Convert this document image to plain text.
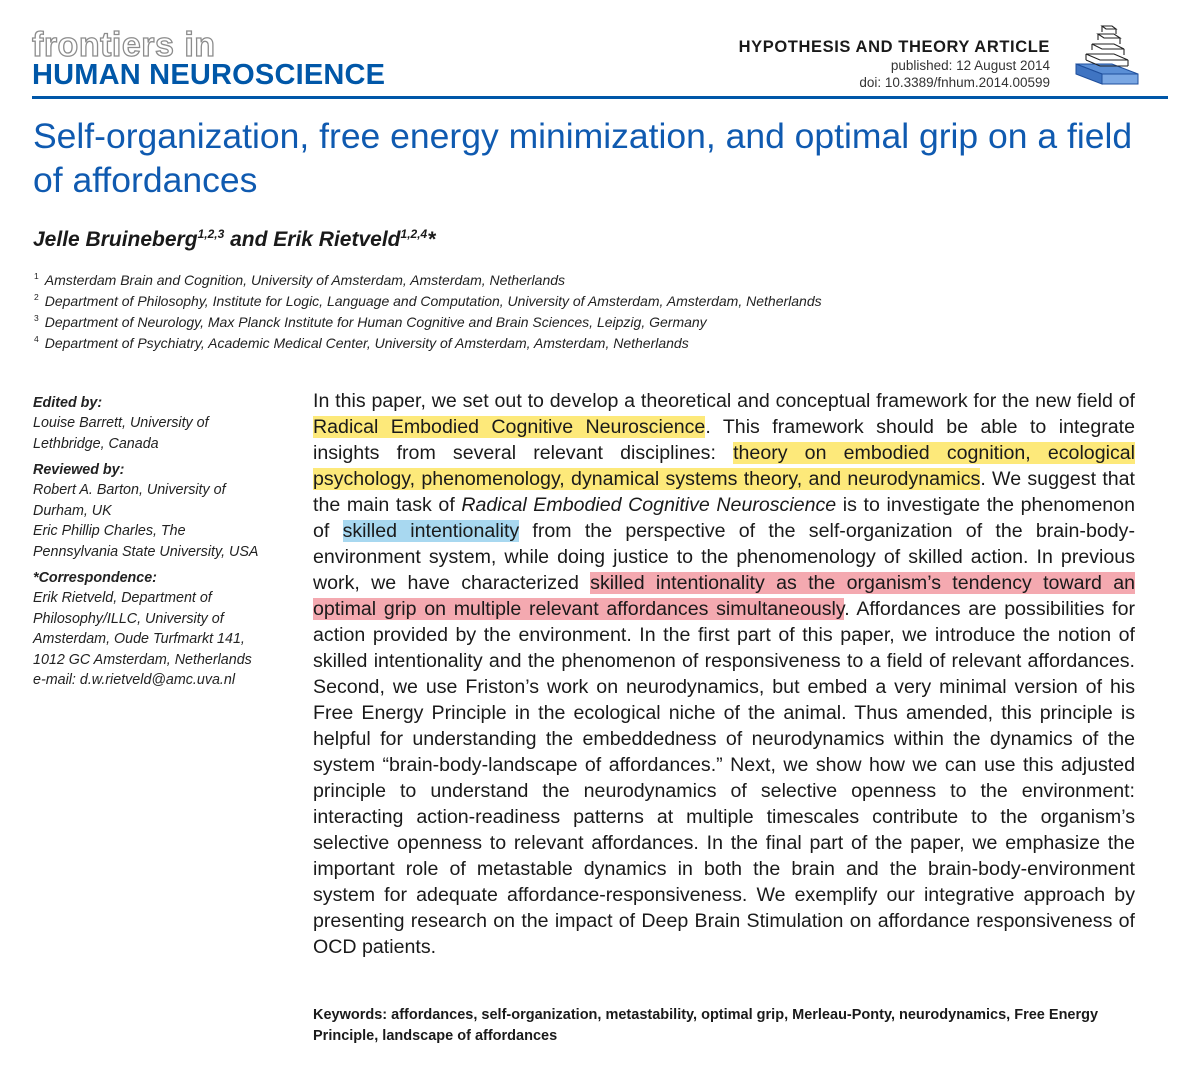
frontiers in
HUMAN NEUROSCIENCE
HYPOTHESIS AND THEORY ARTICLE
published: 12 August 2014
doi: 10.3389/fnhum.2014.00599
Self-organization, free energy minimization, and optimal grip on a field of affordances
Jelle Bruineberg$^{1,2,3}$ and Erik Rietveld$^{1,2,4}$*
$^1$ Amsterdam Brain and Cognition, University of Amsterdam, Amsterdam, Netherlands
$^2$ Department of Philosophy, Institute for Logic, Language and Computation, University of Amsterdam, Amsterdam, Netherlands
$^3$ Department of Neurology, Max Planck Institute for Human Cognitive and Brain Sciences, Leipzig, Germany
$^4$ Department of Psychiatry, Academic Medical Center, University of Amsterdam, Amsterdam, Netherlands
Edited by:
Louise Barrett, University of
Lethbridge, Canada
Reviewed by:
Robert A. Barton, University of
Durham, UK
Eric Phillip Charles, The
Pennsylvania State University, USA
*Correspondence:
Erik Rietveld, Department of
Philosophy/ILLC, University of
Amsterdam, Oude Turfmarkt 141,
1012 GC Amsterdam, Netherlands
e-mail: d.w.rietveld@amc.uva.nl

In this paper, we set out to develop a theoretical and conceptual framework for the new field of Radical Embodied Cognitive Neuroscience. This framework should be able to integrate insights from several relevant disciplines: theory on embodied cognition, ecological psychology, phenomenology, dynamical systems theory, and neurodynamics. We suggest that the main task of Radical Embodied Cognitive Neuroscience is to investigate the phenomenon of skilled intentionality from the perspective of the self-organization of the brain-body-environment system, while doing justice to the phenomenology of skilled action. In previous work, we have characterized skilled intentionality as the organism’s tendency toward an optimal grip on multiple relevant affordances simultaneously. Affordances are possibilities for action provided by the environment. In the first part of this paper, we introduce the notion of skilled intentionality and the phenomenon of responsiveness to a field of relevant affordances. Second, we use Friston’s work on neurodynamics, but embed a very minimal version of his Free Energy Principle in the ecological niche of the animal. Thus amended, this principle is helpful for understanding the embeddedness of neurodynamics within the dynamics of the system “brain-body-landscape of affordances.” Next, we show how we can use this adjusted principle to understand the neurodynamics of selective openness to the environment: interacting action-readiness patterns at multiple timescales contribute to the organism’s selective openness to relevant affordances. In the final part of the paper, we emphasize the important role of metastable dynamics in both the brain and the brain-body-environment system for adequate affordance-responsiveness. We exemplify our integrative approach by presenting research on the impact of Deep Brain Stimulation on affordance responsiveness of OCD patients.

Keywords: affordances, self-organization, metastability, optimal grip, Merleau-Ponty, neurodynamics, Free Energy Principle, landscape of affordances
